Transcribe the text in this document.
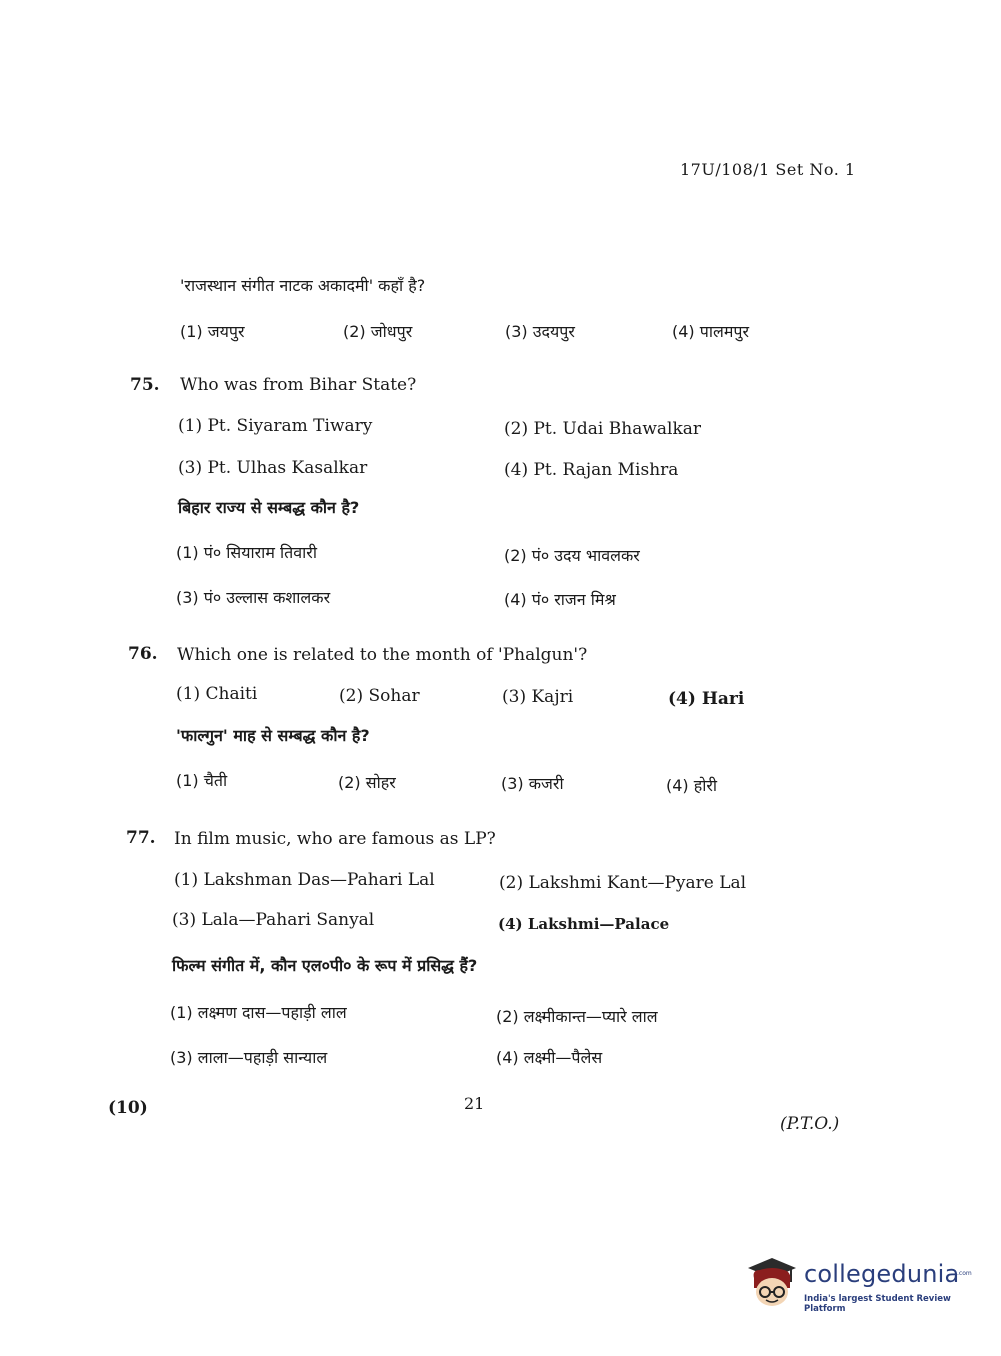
17U/108/1 Set No. 1
'राजस्थान संगीत नाटक अकादमी' कहाँ है?
(1) जयपुर	(2) जोधपुर	(3) उदयपुर	(4) पालमपुर
75. Who was from Bihar State?
(1) Pt. Siyaram Tiwary	(2) Pt. Udai Bhawalkar
(3) Pt. Ulhas Kasalkar	(4) Pt. Rajan Mishra
बिहार राज्य से सम्बद्ध कौन है?
(1) पं० सियाराम तिवारी	(2) पं० उदय भावलकर
(3) पं० उल्लास कशालकर	(4) पं० राजन मिश्र
76. Which one is related to the month of 'Phalgun'?
(1) Chaiti	(2) Sohar	(3) Kajri	(4) Hari
'फाल्गुन' माह से सम्बद्ध कौन है?
(1) चैती	(2) सोहर	(3) कजरी	(4) होरी
77. In film music, who are famous as LP?
(1) Lakshman Das—Pahari Lal	(2) Lakshmi Kant—Pyare Lal
(3) Lala—Pahari Sanyal	(4) Lakshmi—Palace
फिल्म संगीत में, कौन एल०पी० के रूप में प्रसिद्ध हैं?
(1) लक्ष्मण दास—पहाड़ी लाल	(2) लक्ष्मीकान्त—प्यारे लाल
(3) लाला—पहाड़ी सान्याल	(4) लक्ष्मी—पैलेस
(10)	21
(P.T.O.)
collegedunia
.com
India's largest Student Review Platform
